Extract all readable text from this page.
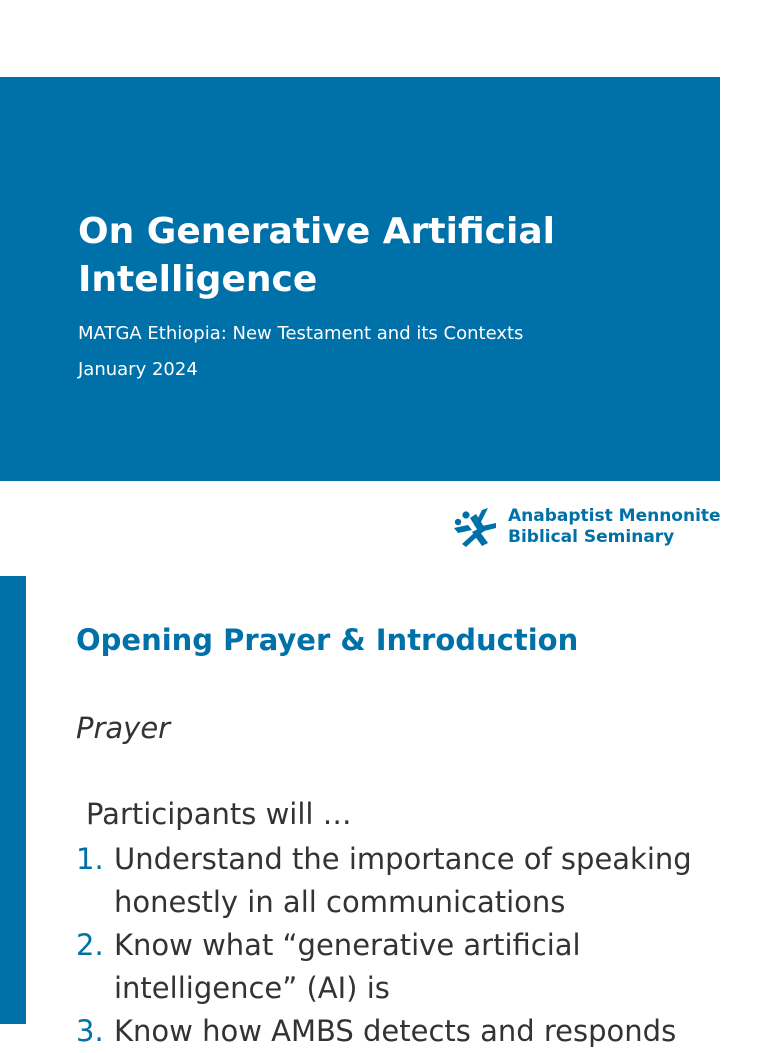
On Generative Artificial
Intelligence
MATGA Ethiopia: New Testament and its Contexts
January 2024
Anabaptist Mennonite
Biblical Seminary
Opening Prayer & Introduction
Prayer
Participants will …
1. Understand the importance of speaking
honestly in all communications
2. Know what “generative artificial
intelligence” (AI) is
3. Know how AMBS detects and responds
